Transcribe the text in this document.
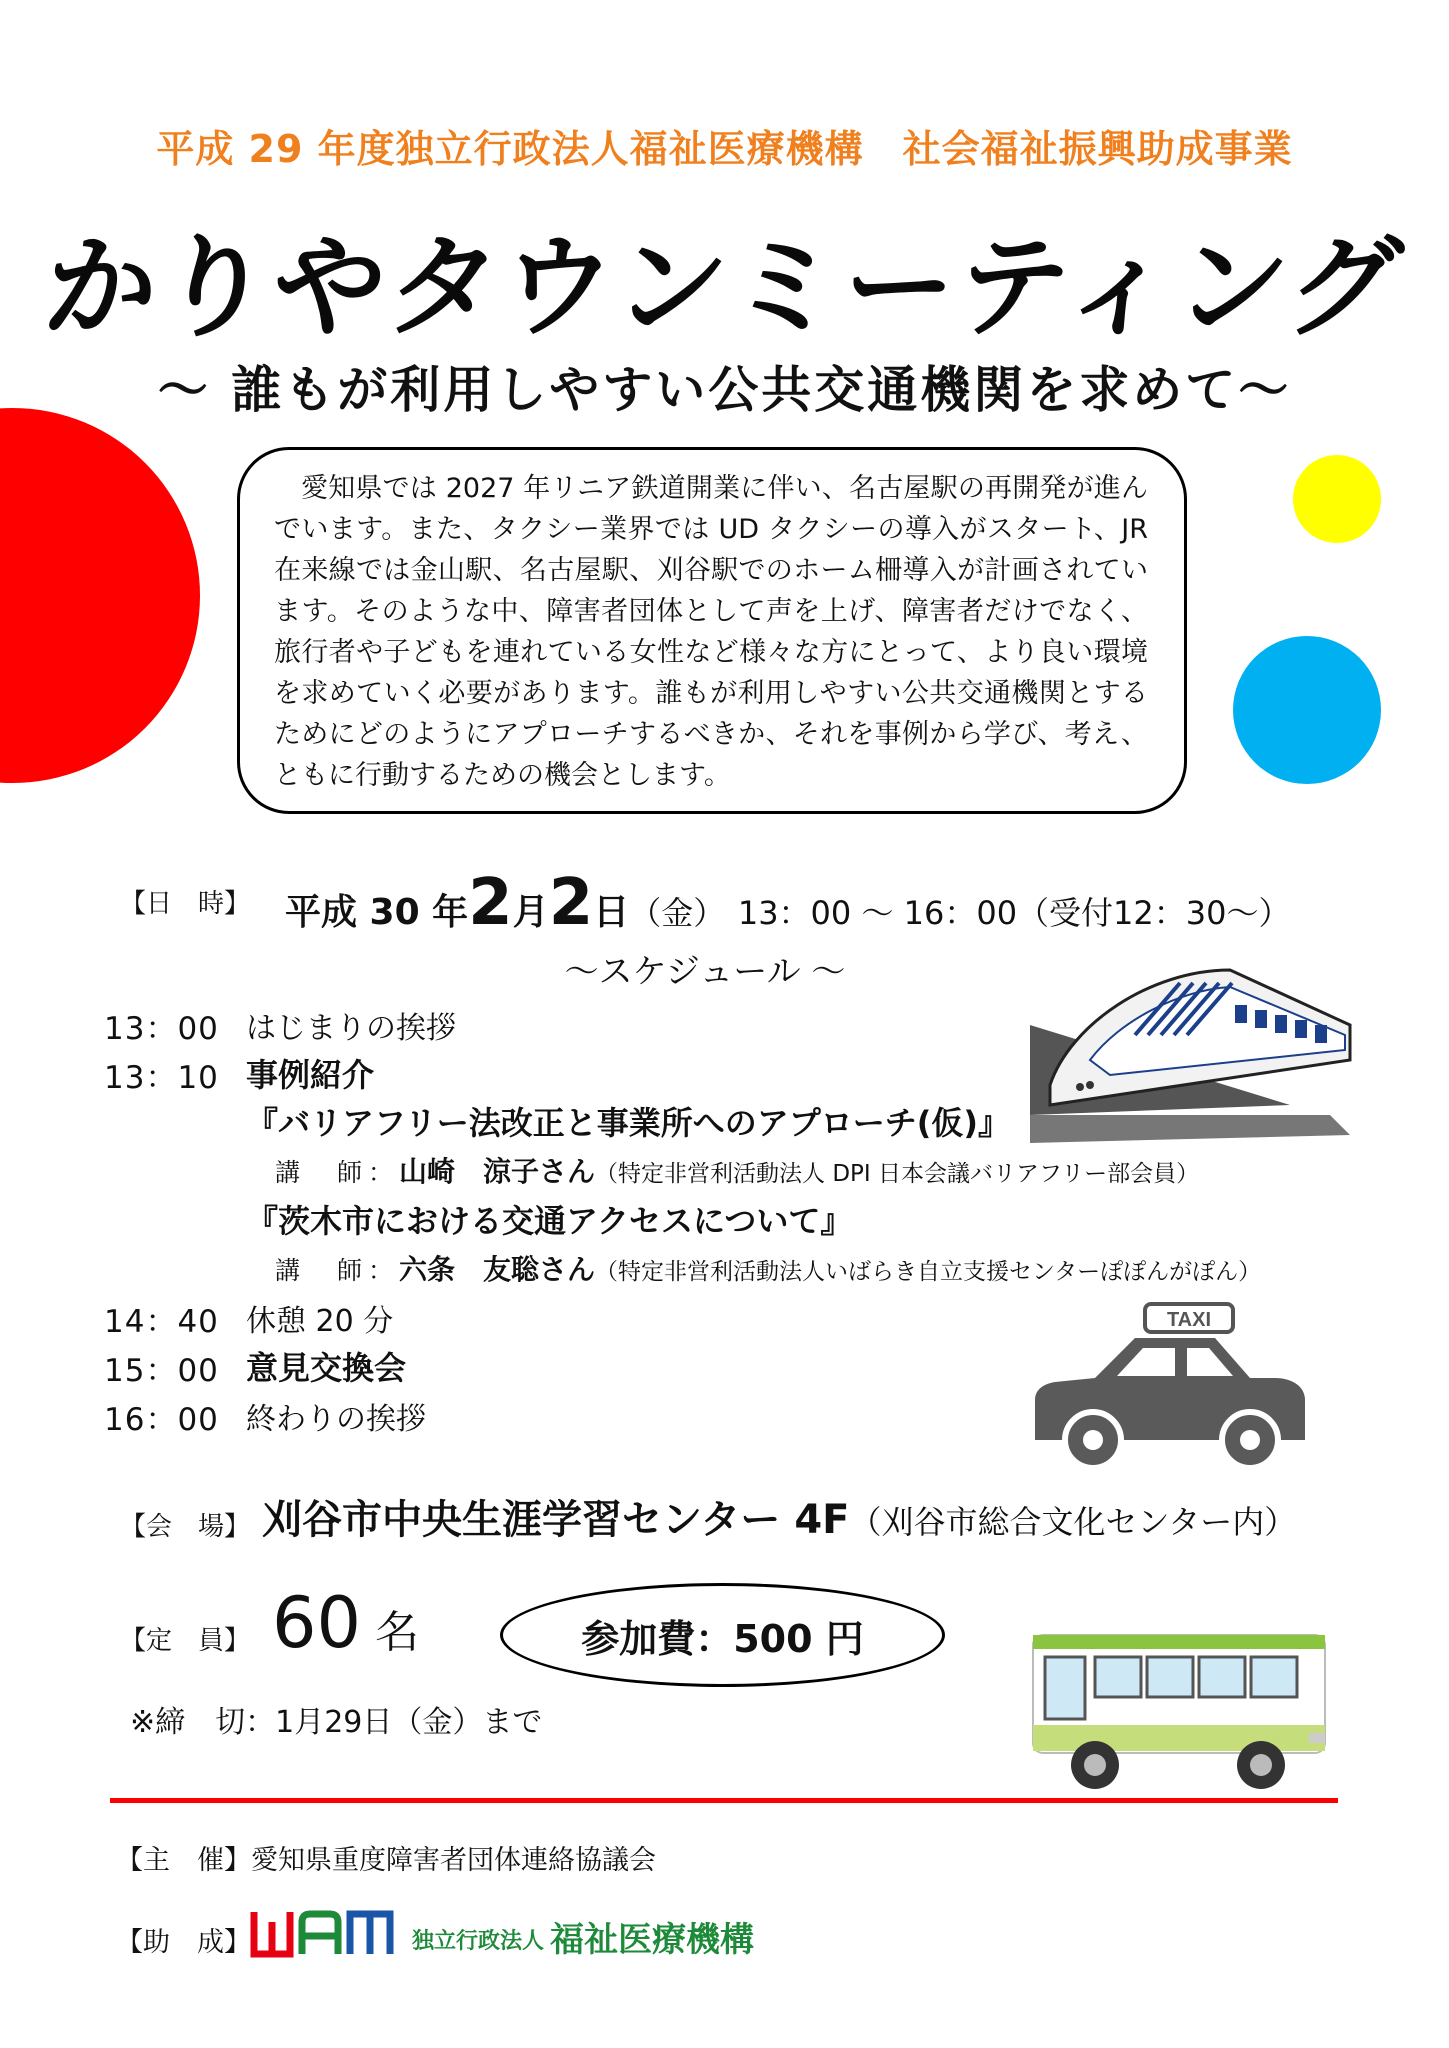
平成 29 年度独立行政法人福祉医療機構　社会福祉振興助成事業
かりやタウンミーティング
～ 誰もが利用しやすい公共交通機関を求めて～

愛知県では 2027 年リニア鉄道開業に伴い、名古屋駅の再開発が進んでいます。また、タクシー業界では UD タクシーの導入がスタート、JR 在来線では金山駅、名古屋駅、刈谷駅でのホーム柵導入が計画されています。そのような中、障害者団体として声を上げ、障害者だけでなく、旅行者や子どもを連れている女性など様々な方にとって、より良い環境を求めていく必要があります。誰もが利用しやすい公共交通機関とするためにどのようにアプローチするべきか、それを事例から学び、考え、ともに行動するための機会とします。

【日　時】 平成 30 年2月2日（金） 13：00 ～ 16：00（受付12：30～）
～スケジュール ～
13：00 はじまりの挨拶
13：10 事例紹介
『バリアフリー法改正と事業所へのアプローチ(仮)』
講　師：山崎　涼子さん（特定非営利活動法人 DPI 日本会議バリアフリー部会員）
『茨木市における交通アクセスについて』
講　師：六条　友聡さん（特定非営利活動法人いばらき自立支援センターぽぽんがぽん）
14：40 休憩 20 分
15：00 意見交換会
16：00 終わりの挨拶
TAXI
【会　場】 刈谷市中央生涯学習センター 4F（刈谷市総合文化センター内）
【定　員】 60 名	参加費：500 円
※締　切：1月29日（金）まで
【主　催】愛知県重度障害者団体連絡協議会
【助　成】	独立行政法人 福祉医療機構
